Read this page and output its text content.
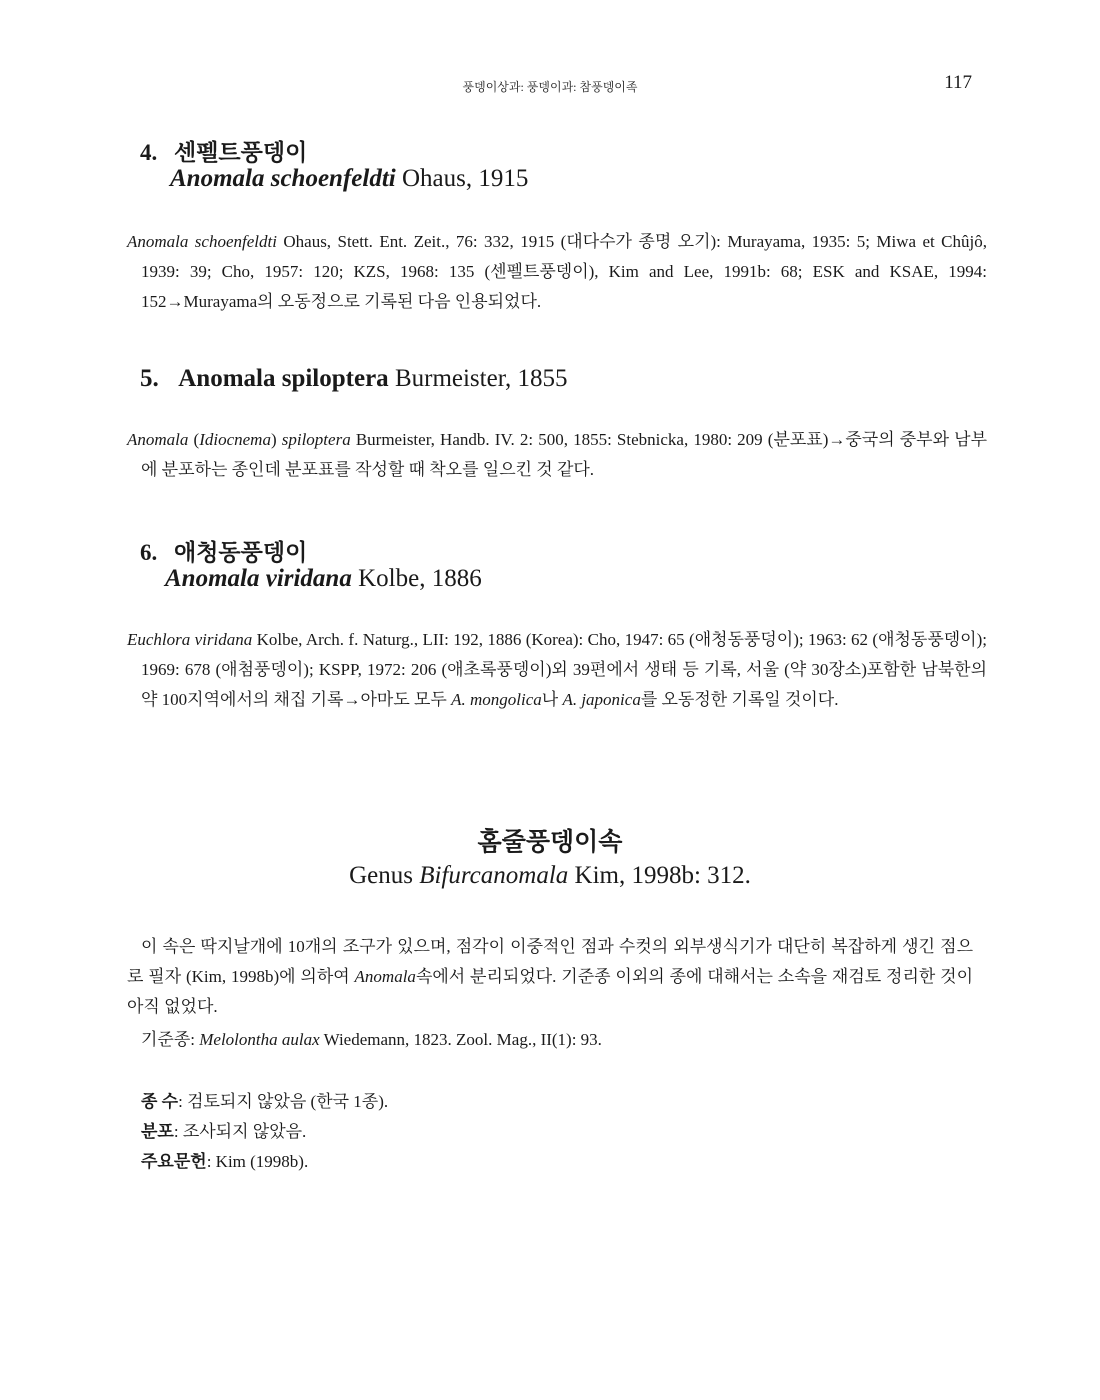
풍뎅이상과: 풍뎅이과: 참풍뎅이족	117
4. 센펠트풍뎅이
Anomala schoenfeldti Ohaus, 1915
Anomala schoenfeldti Ohaus, Stett. Ent. Zeit., 76: 332, 1915 (대다수가 종명 오기): Murayama, 1935: 5; Miwa et Chûjô, 1939: 39; Cho, 1957: 120; KZS, 1968: 135 (센펠트풍뎅이), Kim and Lee, 1991b: 68; ESK and KSAE, 1994: 152→Murayama의 오동정으로 기록된 다음 인용되었다.
5. Anomala spiloptera Burmeister, 1855
Anomala (Idiocnema) spiloptera Burmeister, Handb. IV. 2: 500, 1855: Stebnicka, 1980: 209 (분포표)→중국의 중부와 남부에 분포하는 종인데 분포표를 작성할 때 착오를 일으킨 것 같다.
6. 애청동풍뎅이
Anomala viridana Kolbe, 1886
Euchlora viridana Kolbe, Arch. f. Naturg., LII: 192, 1886 (Korea): Cho, 1947: 65 (애청동풍덩이); 1963: 62 (애청동풍뎅이); 1969: 678 (애첨풍뎅이); KSPP, 1972: 206 (애초록풍뎅이)외 39편에서 생태 등 기록, 서울 (약 30장소)포함한 남북한의 약 100지역에서의 채집 기록→아마도 모두 A. mongolica나 A. japonica를 오동정한 기록일 것이다.
홈줄풍뎅이속
Genus Bifurcanomala Kim, 1998b: 312.
이 속은 딱지날개에 10개의 조구가 있으며, 점각이 이중적인 점과 수컷의 외부생식기가 대단히 복잡하게 생긴 점으로 필자 (Kim, 1998b)에 의하여 Anomala속에서 분리되었다. 기준종 이외의 종에 대해서는 소속을 재검토 정리한 것이 아직 없었다.
기준종: Melolontha aulax Wiedemann, 1823. Zool. Mag., II(1): 93.
종 수: 검토되지 않았음 (한국 1종).
분포: 조사되지 않았음.
주요문헌: Kim (1998b).
